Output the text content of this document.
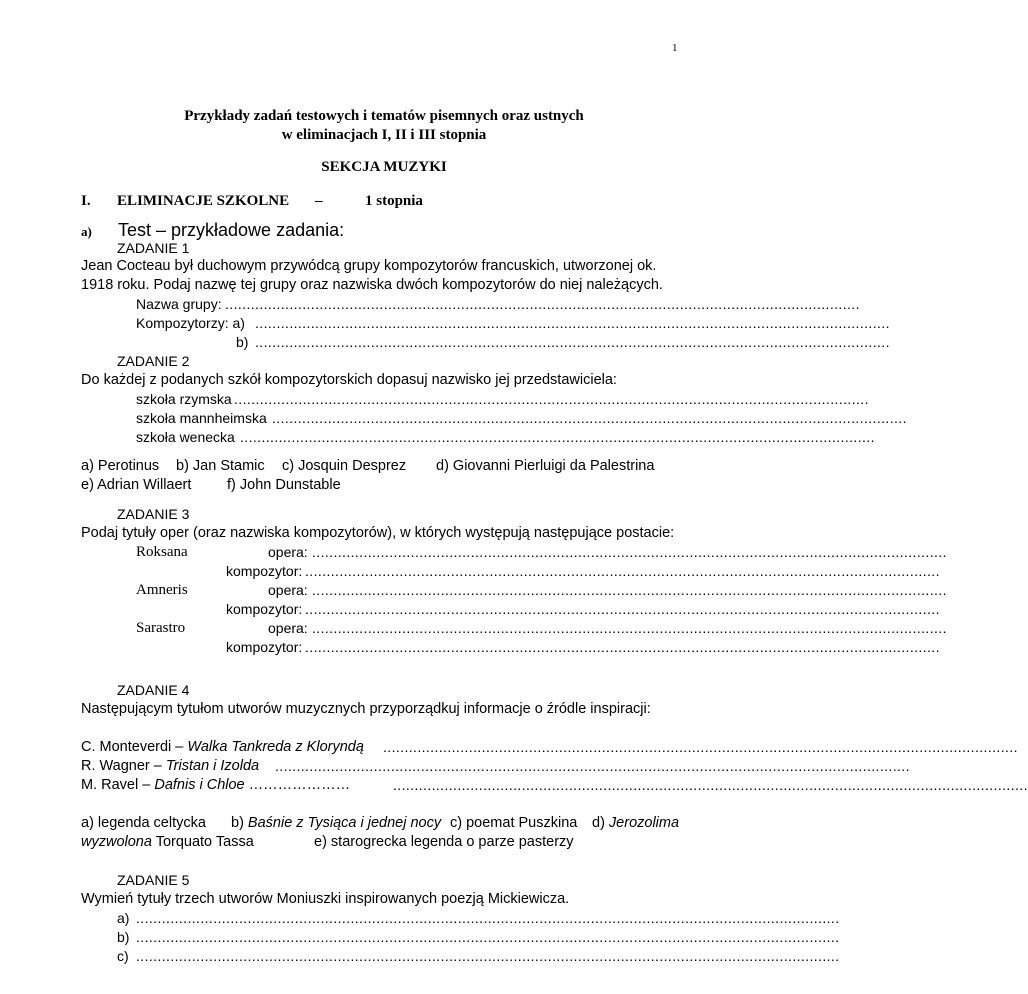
1
Przykłady zadań testowych i tematów pisemnych oraz ustnych
w eliminacjach I, II i III stopnia
SEKCJA MUZYKI
I. ELIMINACJE SZKOLNE –	1 stopnia
a) Test – przykładowe zadania:
ZADANIE 1
Jean Cocteau był duchowym przywódcą grupy kompozytorów francuskich, utworzonej ok.
1918 roku. Podaj nazwę tej grupy oraz nazwiska dwóch kompozytorów do niej należących.
Nazwa grupy: ....................................................................................................................................................
Kompozytorzy: a) ....................................................................................................................................................
b) ....................................................................................................................................................
ZADANIE 2
Do każdej z podanych szkół kompozytorskich dopasuj nazwisko jej przedstawiciela:
szkoła rzymska ....................................................................................................................................................
szkoła mannheimska ....................................................................................................................................................
szkoła wenecka ....................................................................................................................................................
a) Perotinus b) Jan Stamic c) Josquin Desprez d) Giovanni Pierluigi da Palestrina
e) Adrian Willaert f) John Dunstable
ZADANIE 3
Podaj tytuły oper (oraz nazwiska kompozytorów), w których występują następujące postacie:
Roksana	opera: ....................................................................................................................................................
kompozytor: ....................................................................................................................................................
Amneris	opera: ....................................................................................................................................................
kompozytor: ....................................................................................................................................................
Sarastro	opera: ....................................................................................................................................................
kompozytor: ....................................................................................................................................................
ZADANIE 4
Następującym tytułom utworów muzycznych przyporządkuj informacje o źródle inspiracji:
C. Monteverdi – Walka Tankreda z Kloryndą ....................................................................................................................................................
R. Wagner – Tristan i Izolda ....................................................................................................................................................
M. Ravel – Dafnis i Chloe …………………	....................................................................................................................................................
a) legenda celtycka b) Baśnie z Tysiąca i jednej nocy c) poemat Puszkina d) Jerozolima
wyzwolona Torquato Tassa	e) starogrecka legenda o parze pasterzy
ZADANIE 5
Wymień tytuły trzech utworów Moniuszki inspirowanych poezją Mickiewicza.
a) ....................................................................................................................................................................
b) ....................................................................................................................................................................
c) ....................................................................................................................................................................
